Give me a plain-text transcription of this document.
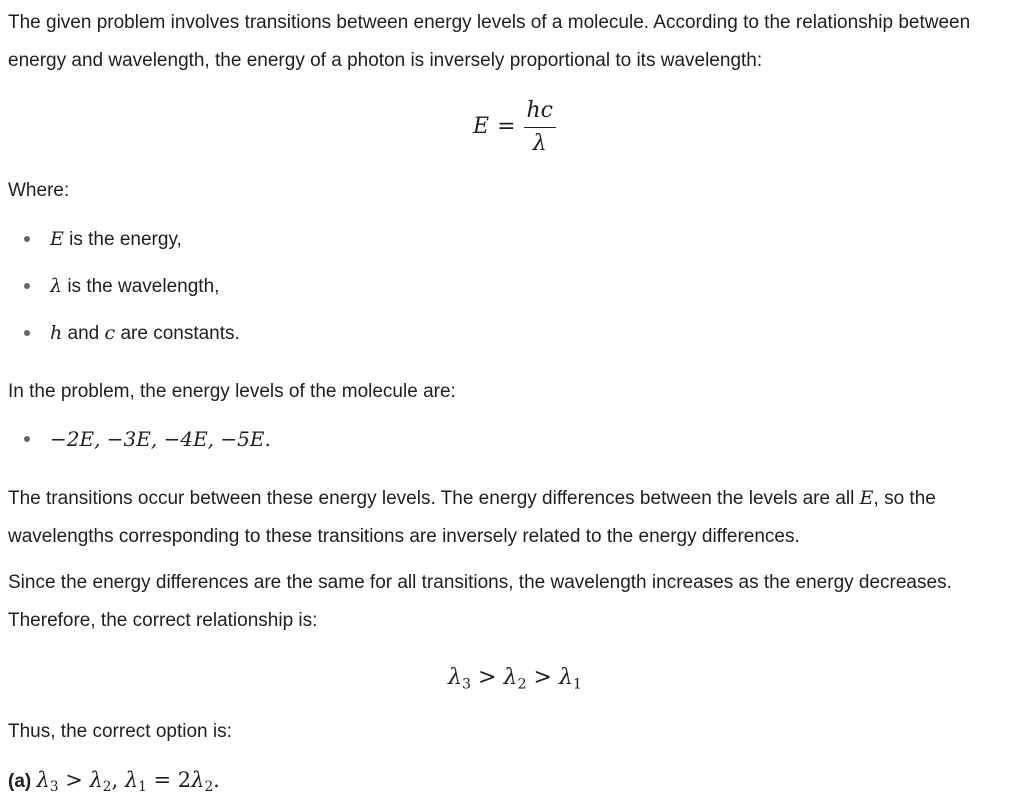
The given problem involves transitions between energy levels of a molecule. According to the relationship between energy and wavelength, the energy of a photon is inversely proportional to its wavelength:

$E = \frac{hc}{\lambda}$

Where:

E is the energy,
λ is the wavelength,
h and c are constants.

In the problem, the energy levels of the molecule are:

−2E, −3E, −4E, −5E.

The transitions occur between these energy levels. The energy differences between the levels are all E, so the wavelengths corresponding to these transitions are inversely related to the energy differences.

Since the energy differences are the same for all transitions, the wavelength increases as the energy decreases. Therefore, the correct relationship is:

$\lambda_3 > \lambda_2 > \lambda_1$

Thus, the correct option is:

(a) $\lambda_3 > \lambda_2$, $\lambda_1 = 2\lambda_2$.
